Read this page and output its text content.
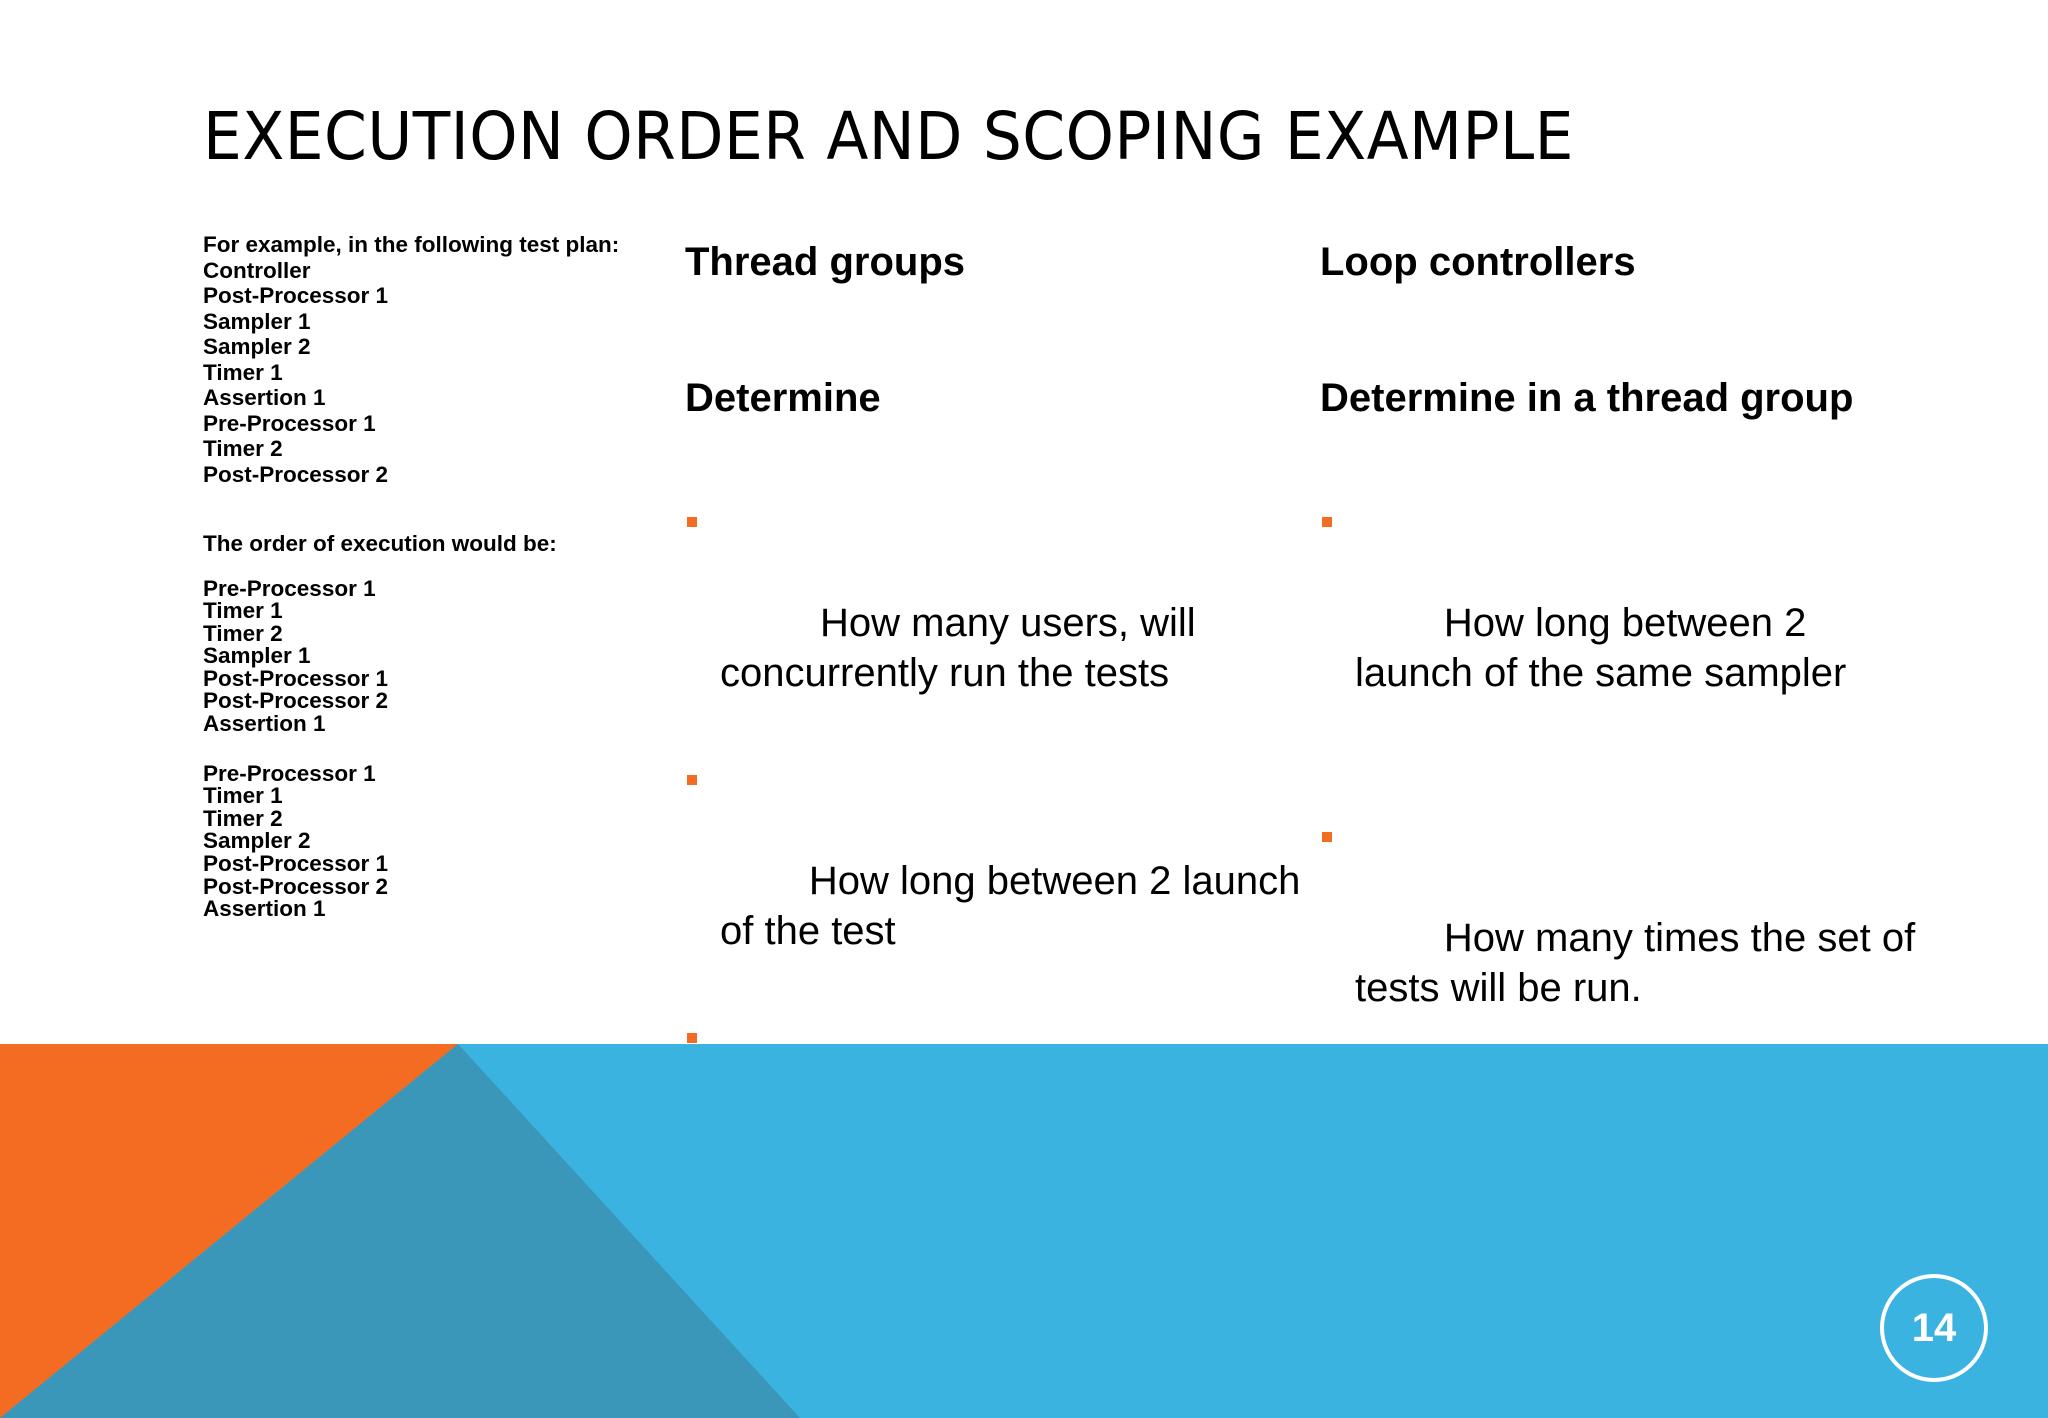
EXECUTION ORDER AND SCOPING EXAMPLE
For example, in the following test plan:
Controller
Post-Processor 1
Sampler 1
Sampler 2
Timer 1
Assertion 1
Pre-Processor 1
Timer 2
Post-Processor 2
The order of execution would be:
Pre-Processor 1
Timer 1
Timer 2
Sampler 1
Post-Processor 1
Post-Processor 2
Assertion 1
Pre-Processor 1
Timer 1
Timer 2
Sampler 2
Post-Processor 1
Post-Processor 2
Assertion 1
Thread groups
Determine

How many users, will concurrently run the tests

How long between 2 launch of the test

Loop controllers
Determine in a thread group

How long between 2 launch of the same sampler

How many times the set of tests will be run.

14
